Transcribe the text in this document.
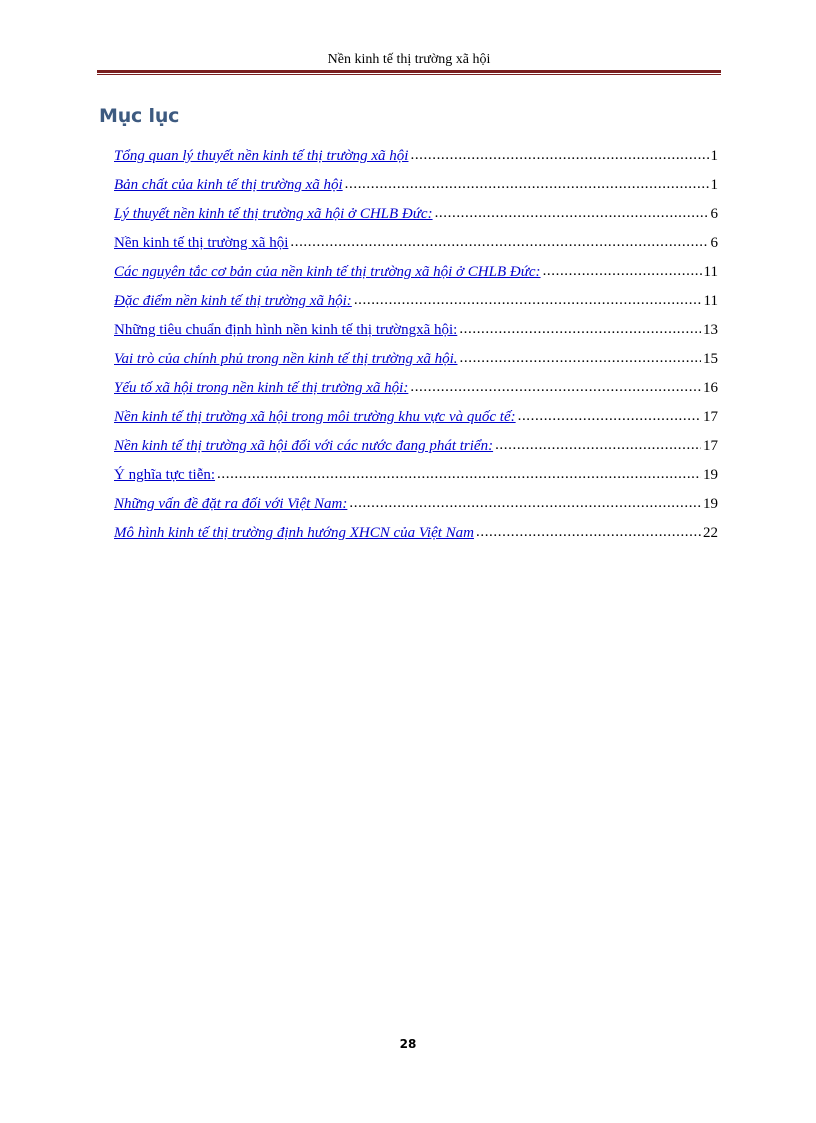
Nền kinh tế thị trường xã hội
Mục lục
Tổng quan lý thuyết nền kinh tế thị trường xã hội .....	1
Bản chất của kinh tế thị trường xã hội .....	1
Lý thuyết nền kinh tế thị trường xã hội ở CHLB Đức: .....	6
Nền kinh tế thị trường xã hội .....	6
Các nguyên tắc cơ bản của nền kinh tế thị trường xã hội ở CHLB Đức: .....	11
Đặc điểm nền kinh tế thị trường xã hội: .....	11
Những tiêu chuẩn định hình nền kinh tế thị trườngxã hội: .....	13
Vai trò của chính phủ trong nền kinh tế thị trường xã hội. .....	15
Yếu tố xã hội trong nền kinh tế thị trường xã hội: .....	16
Nền kinh tế thị trường xã hội trong môi trường khu vực và quốc tế: .....	17
Nền kinh tế thị trường xã hội đối với các nước đang phát triển: .....	17
Ý nghĩa tực tiễn: .....	19
Những vấn đề đặt ra đối với Việt Nam: .....	19
Mô hình kinh tế thị trường định hướng XHCN của Việt Nam .....	22
28
